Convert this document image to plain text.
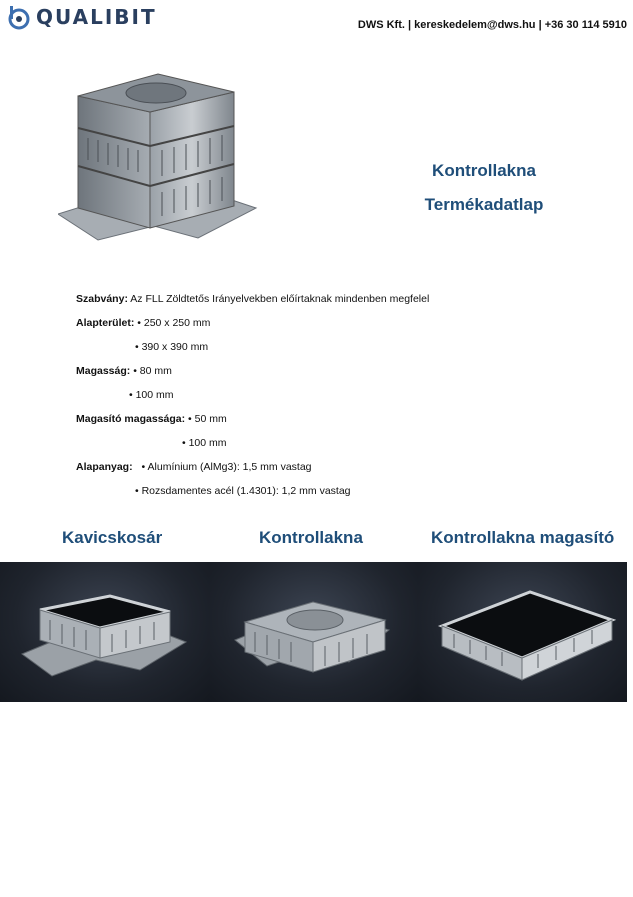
QUALIBIT	DWS Kft. | kereskedelem@dws.hu | +36 30 114 5910

Kontrollakna

Termékadatlap

Szabvány: Az FLL Zöldtetős Irányelvekben előírtaknak mindenben megfelel
Alapterület: • 250 x 250 mm
• 390 x 390 mm
Magasság: • 80 mm
• 100 mm
Magasító magassága: • 50 mm
• 100 mm
Alapanyag: • Alumínium (AlMg3): 1,5 mm vastag
• Rozsdamentes acél (1.4301): 1,2 mm vastag
Kavicskosár	Kontrollakna	Kontrollakna magasító
